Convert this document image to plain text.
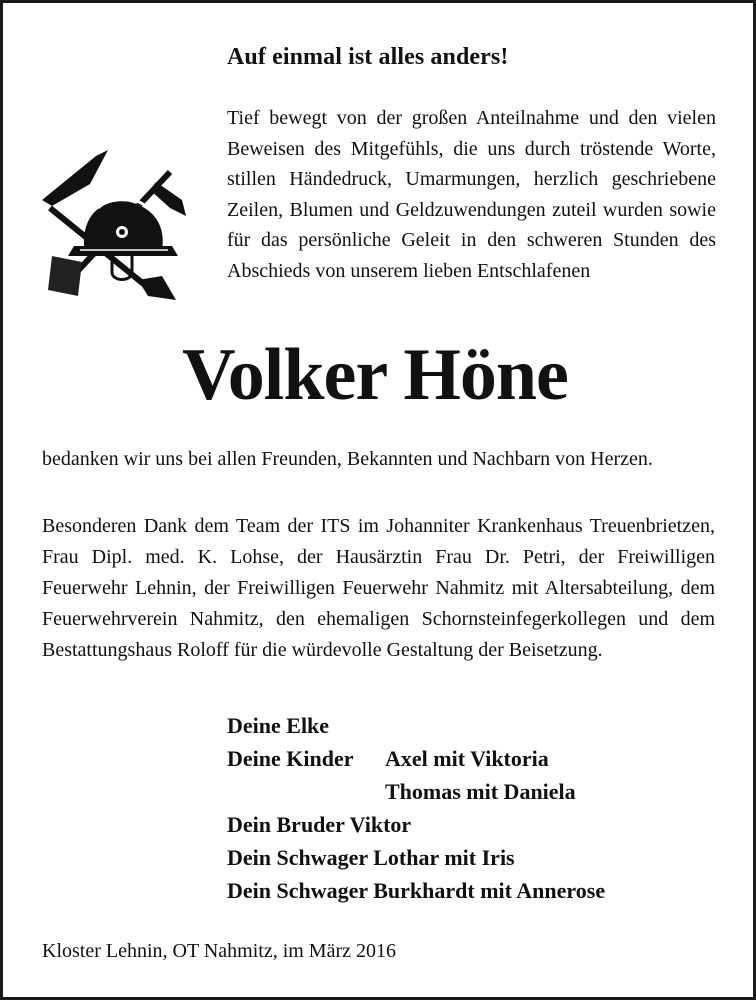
Auf einmal ist alles anders!

Tief bewegt von der großen Anteilnahme und den vielen Beweisen des Mitgefühls, die uns durch tröstende Worte, stillen Händedruck, Umarmungen, herzlich geschriebene Zeilen, Blumen und Geldzuwendungen zuteil wurden sowie für das persönliche Geleit in den schweren Stunden des Abschieds von unserem lieben Entschlafenen

Volker Höne

bedanken wir uns bei allen Freunden, Bekannten und Nachbarn von Herzen.

Besonderen Dank dem Team der ITS im Johanniter Krankenhaus Treuenbrietzen, Frau Dipl. med. K. Lohse, der Hausärztin Frau Dr. Petri, der Freiwilligen Feuerwehr Lehnin, der Freiwilligen Feuerwehr Nahmitz mit Altersabteilung, dem Feuerwehrverein Nahmitz, den ehemaligen Schornsteinfegerkollegen und dem Bestattungshaus Roloff für die würdevolle Gestaltung der Beisetzung.

Deine Elke

Deine Kinder Axel mit Viktoria

Thomas mit Daniela

Dein Bruder Viktor

Dein Schwager Lothar mit Iris

Dein Schwager Burkhardt mit Annerose

Kloster Lehnin, OT Nahmitz, im März 2016
